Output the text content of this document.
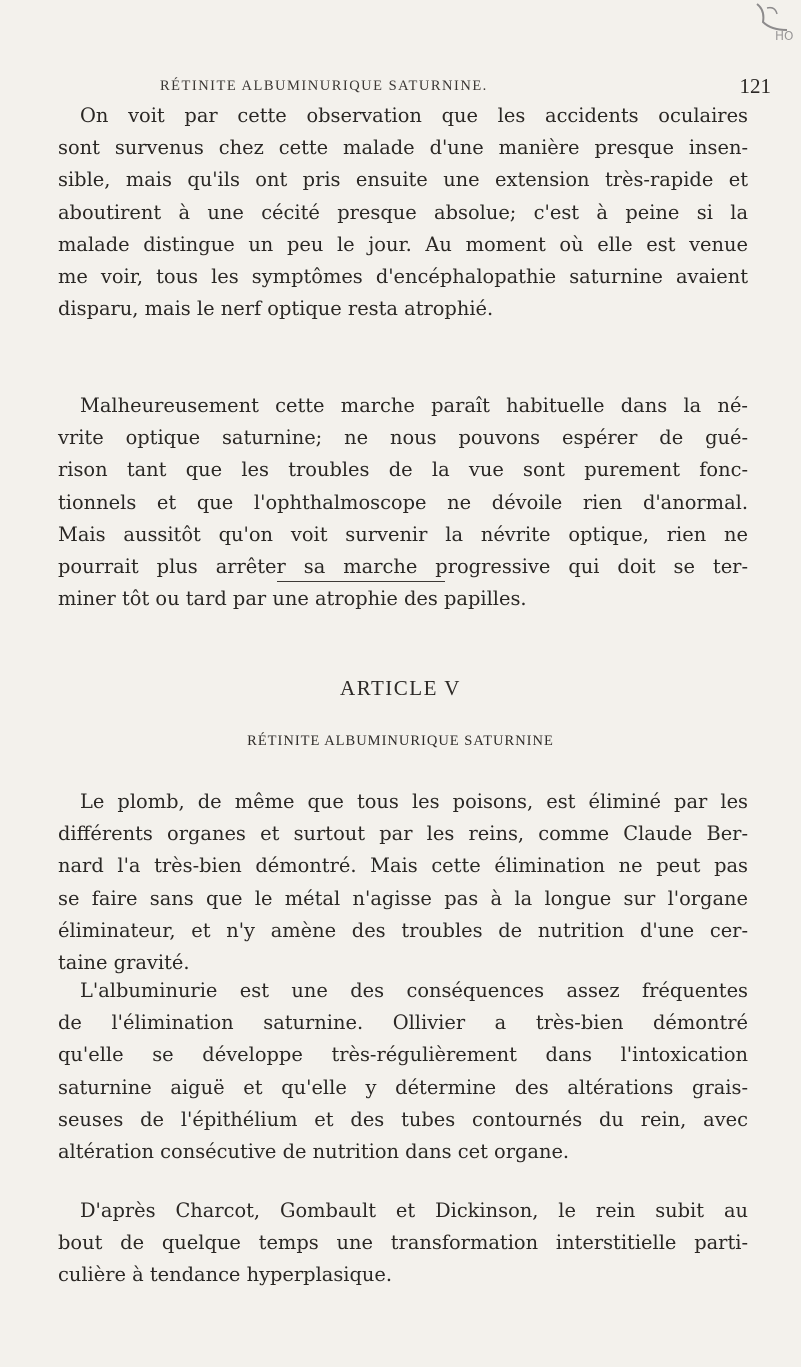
HO
RÉTINITE ALBUMINURIQUE SATURNINE.	121
On voit par cette observation que les accidents oculaires
sont survenus chez cette malade d'une manière presque insen-
sible, mais qu'ils ont pris ensuite une extension très-rapide et
aboutirent à une cécité presque absolue; c'est à peine si la
malade distingue un peu le jour. Au moment où elle est venue
me voir, tous les symptômes d'encéphalopathie saturnine avaient
disparu, mais le nerf optique resta atrophié.
Malheureusement cette marche paraît habituelle dans la né-
vrite optique saturnine; ne nous pouvons espérer de gué-
rison tant que les troubles de la vue sont purement fonc-
tionnels et que l'ophthalmoscope ne dévoile rien d'anormal.
Mais aussitôt qu'on voit survenir la névrite optique, rien ne
pourrait plus arrêter sa marche progressive qui doit se ter-
miner tôt ou tard par une atrophie des papilles.
ARTICLE V
RÉTINITE ALBUMINURIQUE SATURNINE
Le plomb, de même que tous les poisons, est éliminé par les
différents organes et surtout par les reins, comme Claude Ber-
nard l'a très-bien démontré. Mais cette élimination ne peut pas
se faire sans que le métal n'agisse pas à la longue sur l'organe
éliminateur, et n'y amène des troubles de nutrition d'une cer-
taine gravité.
L'albuminurie est une des conséquences assez fréquentes
de l'élimination saturnine. Ollivier a très-bien démontré
qu'elle se développe très-régulièrement dans l'intoxication
saturnine aiguë et qu'elle y détermine des altérations grais-
seuses de l'épithélium et des tubes contournés du rein, avec
altération consécutive de nutrition dans cet organe.
D'après Charcot, Gombault et Dickinson, le rein subit au
bout de quelque temps une transformation interstitielle parti-
culière à tendance hyperplasique.
